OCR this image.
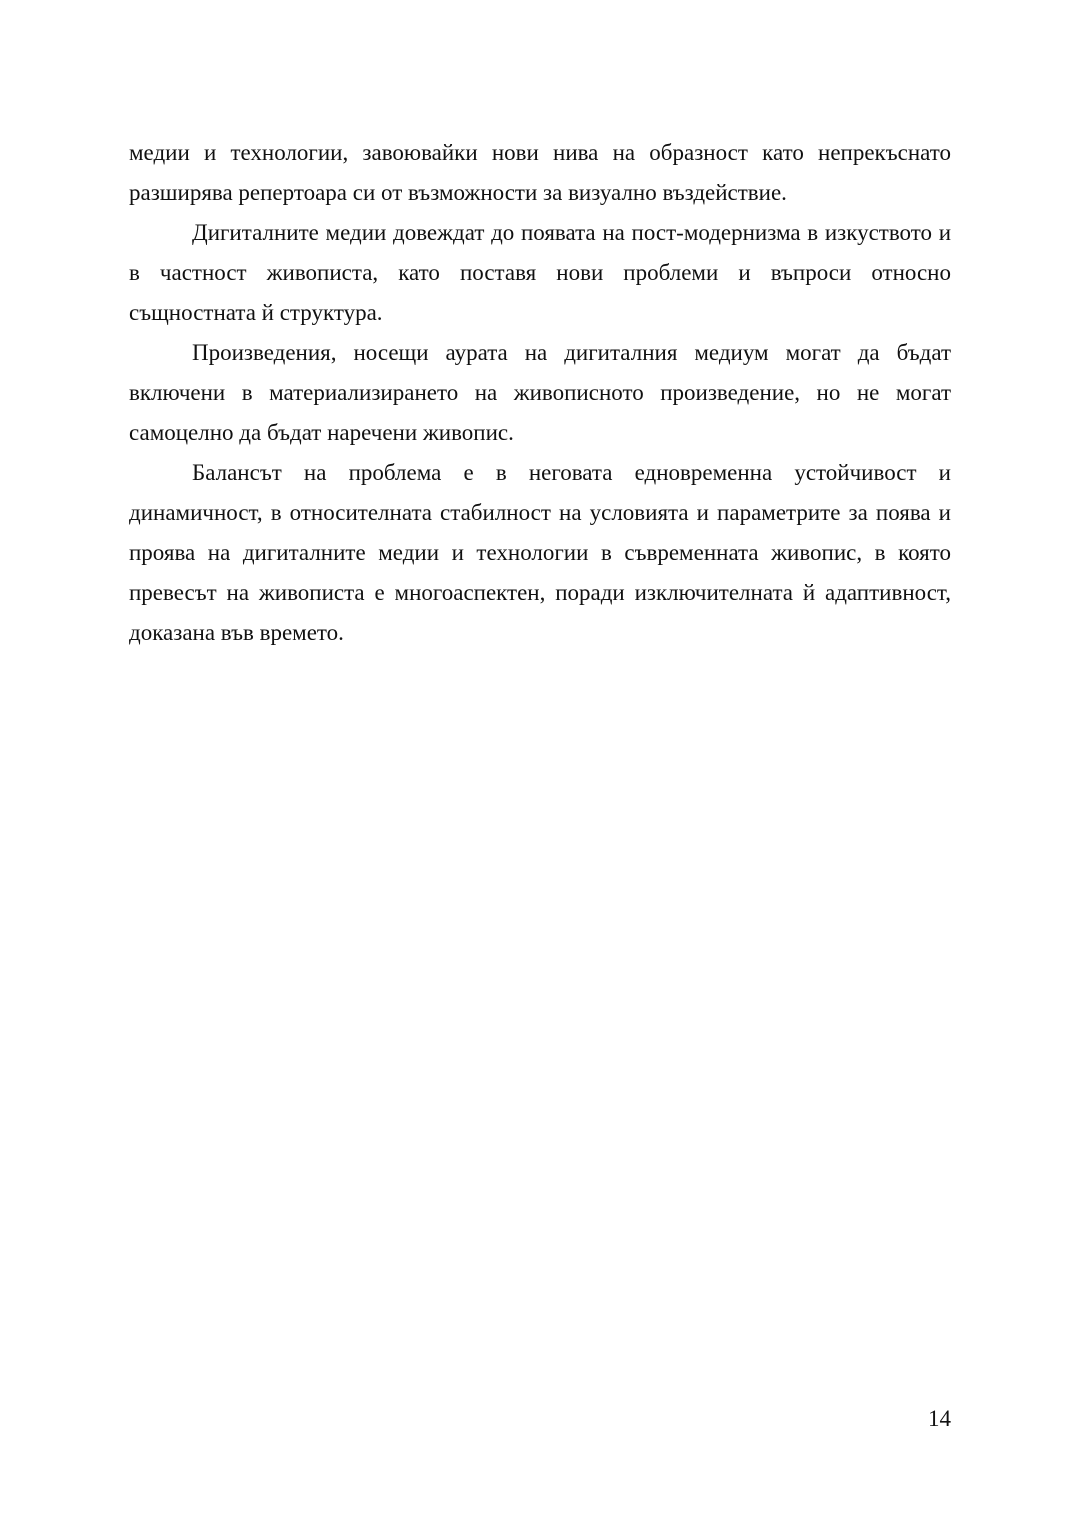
медии и технологии, завоювайки нови нива на образност като непрекъснато разширява репертоара си от възможности за визуално въздействие.

Дигиталните медии довеждат до появата на пост-модернизма в изкуството и в частност живописта, като поставя нови проблеми и въпроси относно същностната й структура.

Произведения, носещи аурата на дигиталния медиум могат да бъдат включени в материализирането на живописното произведение, но не могат самоцелно да бъдат наречени живопис.

Балансът на проблема е в неговата едновременна устойчивост и динамичност, в относителната стабилност на условията и параметрите за поява и проява на дигиталните медии и технологии в съвременната живопис, в която превесът на живописта е многоаспектен, поради изключителната й адаптивност, доказана във времето.

14
